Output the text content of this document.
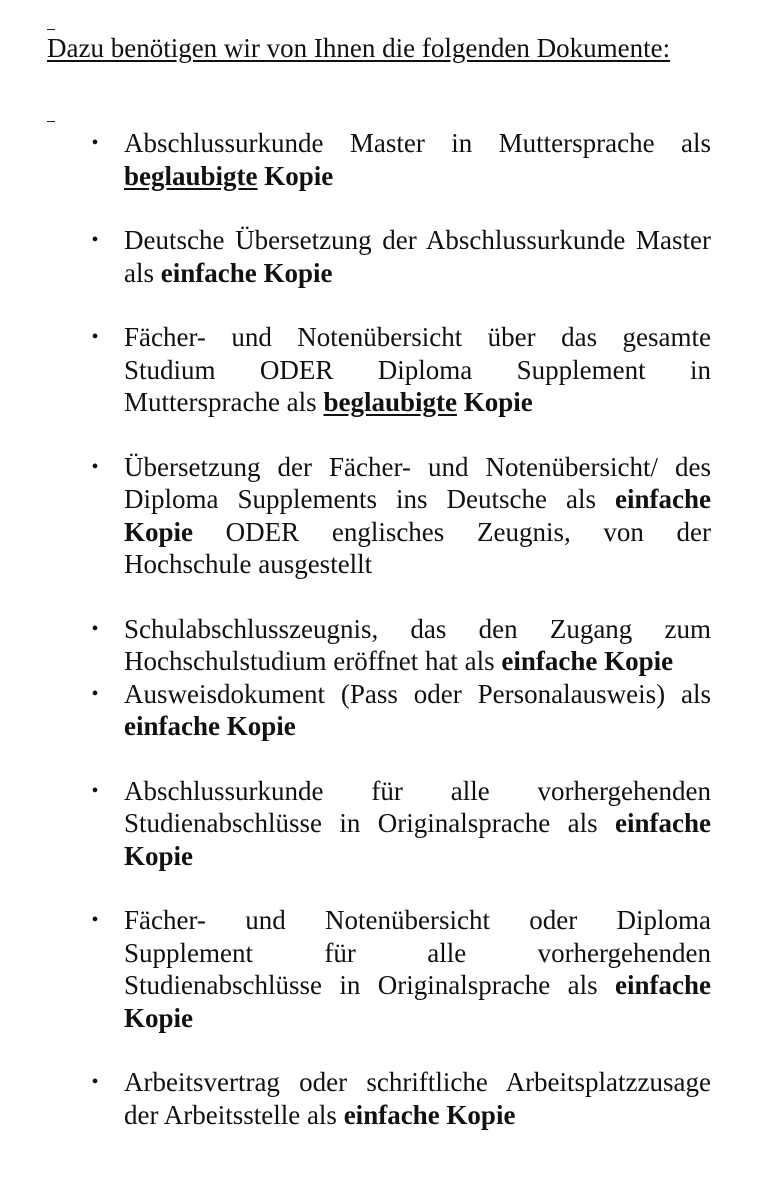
Dazu benötigen wir von Ihnen die folgenden Dokumente:
• Abschlussurkunde Master in Muttersprache als beglaubigte Kopie
• Deutsche Übersetzung der Abschlussurkunde Master als einfache Kopie
• Fächer- und Notenübersicht über das gesamte Studium ODER Diploma Supplement in Muttersprache als beglaubigte Kopie
• Übersetzung der Fächer- und Notenübersicht/ des Diploma Supplements ins Deutsche als einfache Kopie ODER englisches Zeugnis, von der Hochschule ausgestellt
• Schulabschlusszeugnis, das den Zugang zum Hochschulstudium eröffnet hat als einfache Kopie
• Ausweisdokument (Pass oder Personalausweis) als einfache Kopie
• Abschlussurkunde für alle vorhergehenden Studienabschlüsse in Originalsprache als einfache Kopie
• Fächer- und Notenübersicht oder Diploma Supplement für alle vorhergehenden Studienabschlüsse in Originalsprache als einfache Kopie
• Arbeitsvertrag oder schriftliche Arbeitsplatzzusage der Arbeitsstelle als einfache Kopie
